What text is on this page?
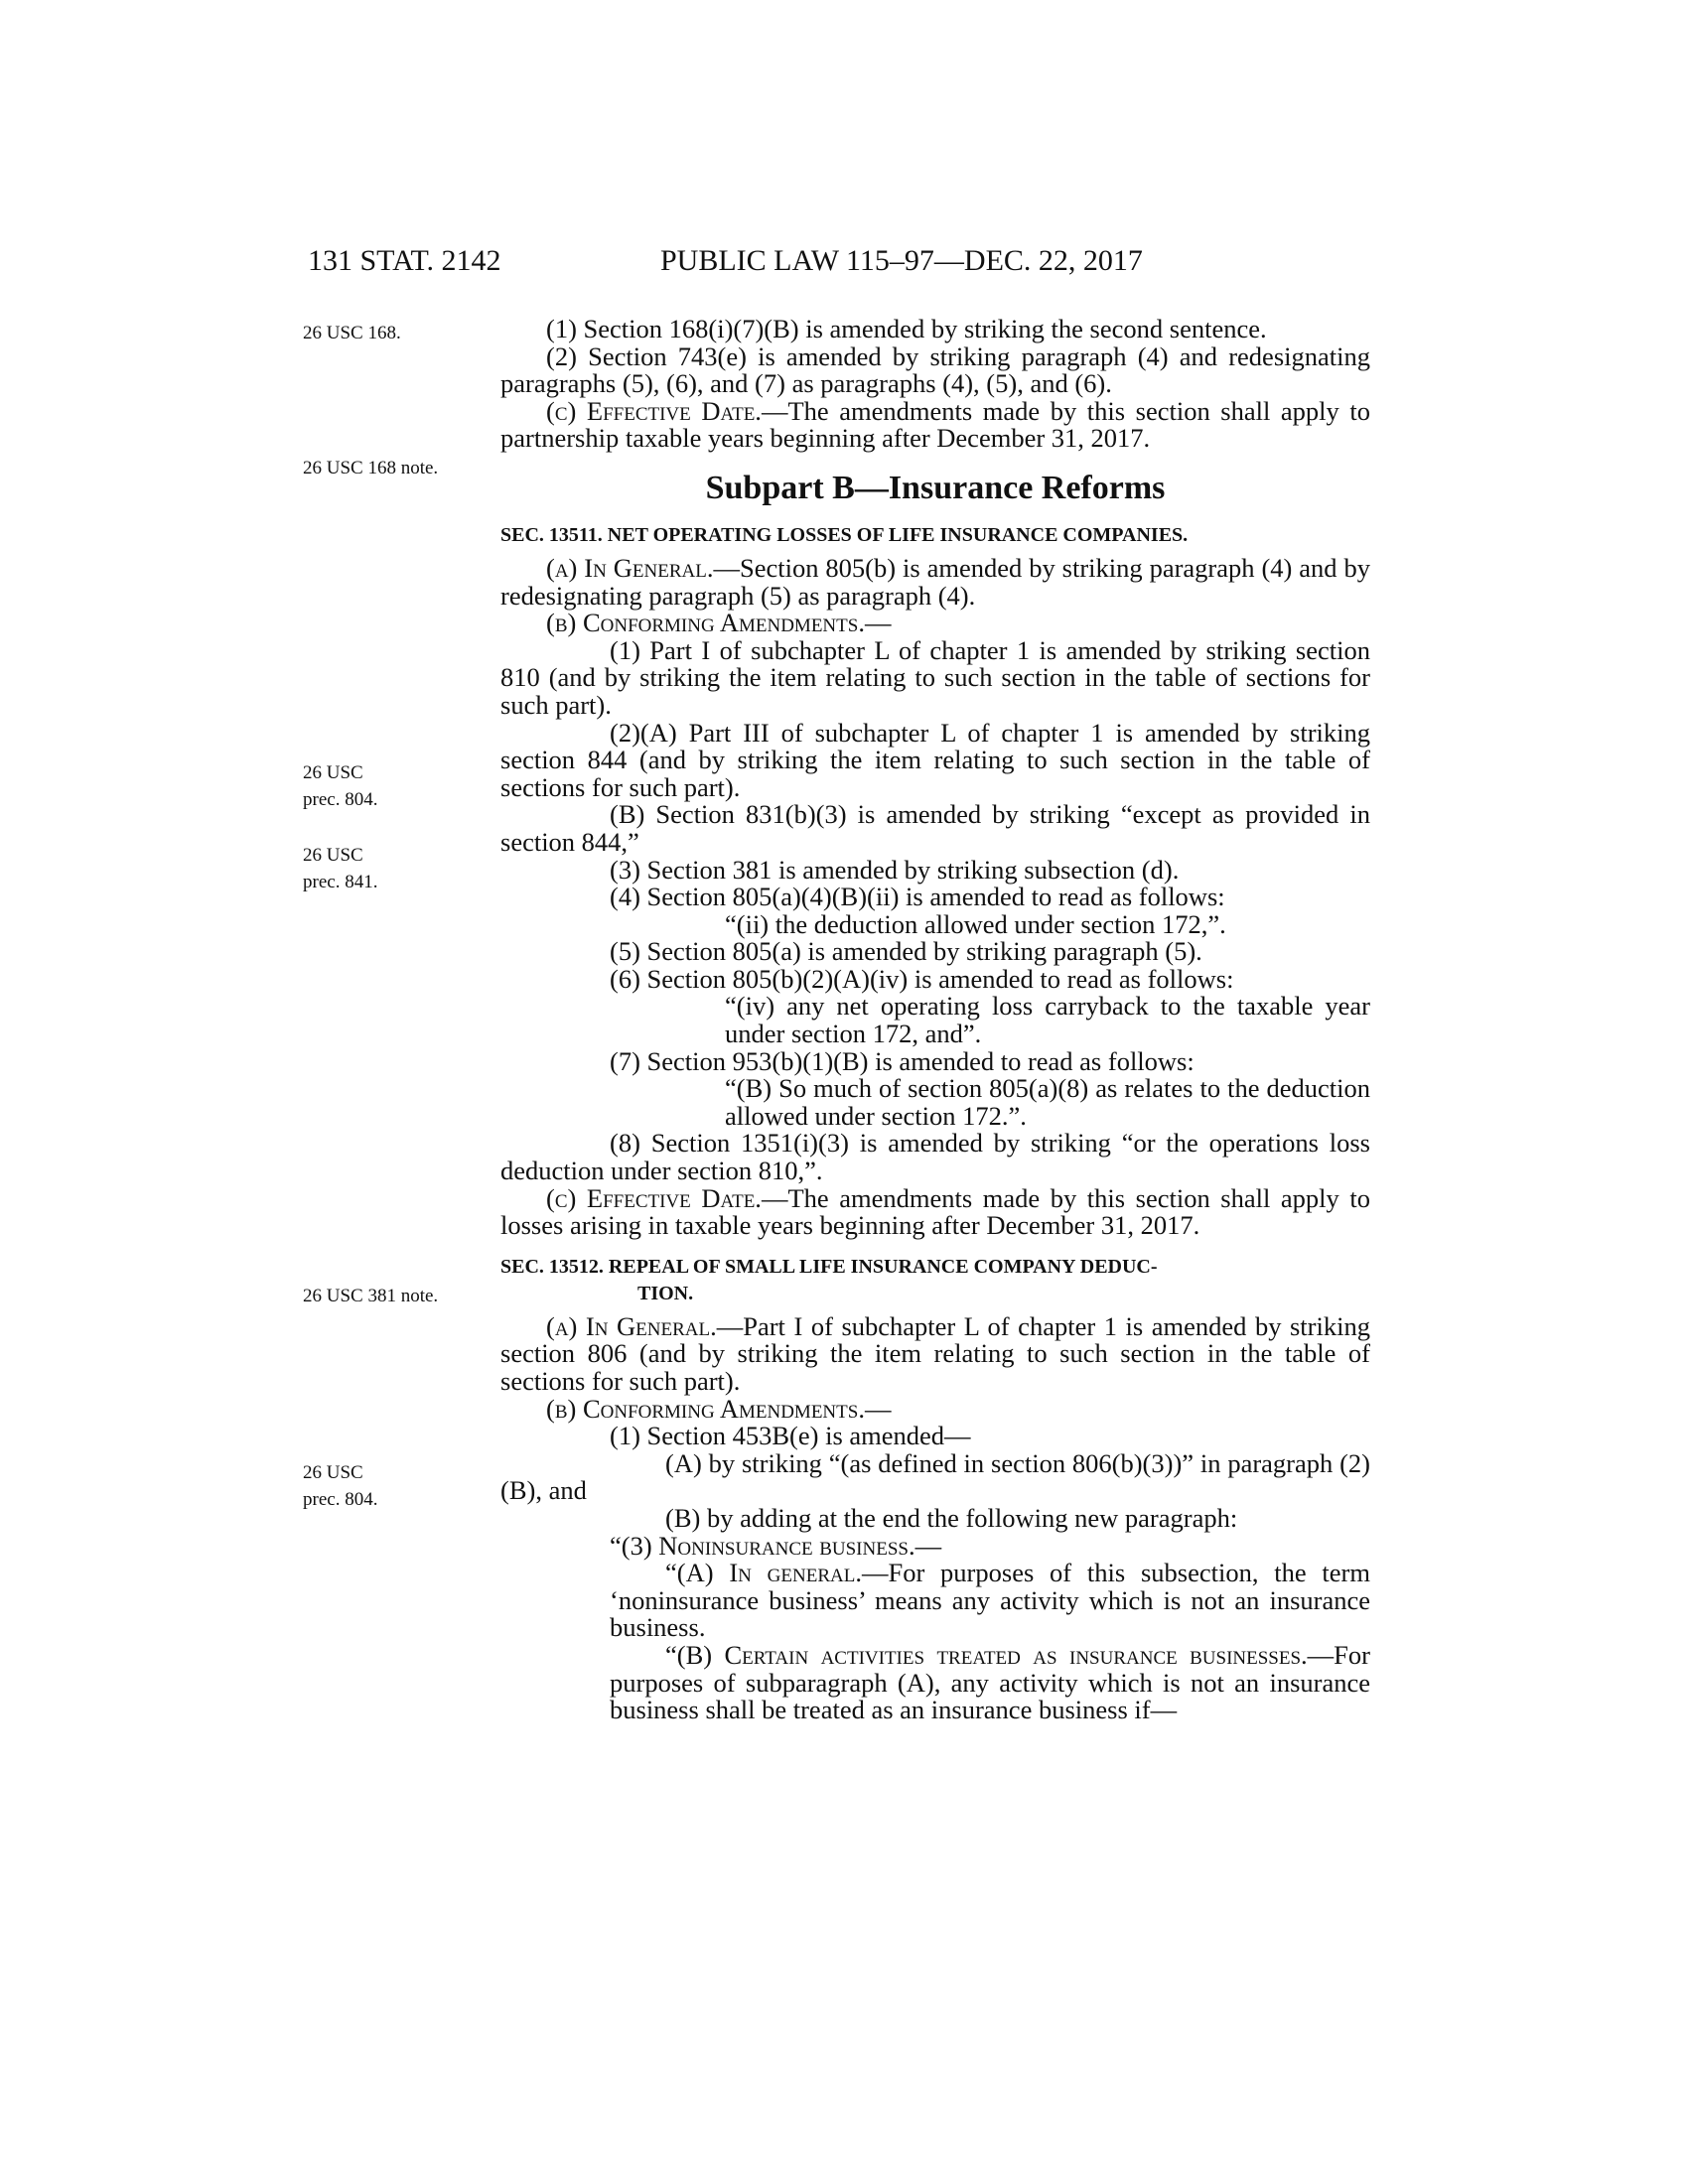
131 STAT. 2142	PUBLIC LAW 115–97—DEC. 22, 2017
26 USC 168.
26 USC 168 note.
26 USC
prec. 804.
26 USC
prec. 841.
26 USC 381 note.
26 USC
prec. 804.

(1) Section 168(i)(7)(B) is amended by striking the second sentence.

(2) Section 743(e) is amended by striking paragraph (4) and redesignating paragraphs (5), (6), and (7) as paragraphs (4), (5), and (6).

(c) Effective Date.—The amendments made by this section shall apply to partnership taxable years beginning after December 31, 2017.

Subpart B—Insurance Reforms
SEC. 13511. NET OPERATING LOSSES OF LIFE INSURANCE COMPANIES.

(a) In General.—Section 805(b) is amended by striking paragraph (4) and by redesignating paragraph (5) as paragraph (4).

(b) Conforming Amendments.—

(1) Part I of subchapter L of chapter 1 is amended by striking section 810 (and by striking the item relating to such section in the table of sections for such part).

(2)(A) Part III of subchapter L of chapter 1 is amended by striking section 844 (and by striking the item relating to such section in the table of sections for such part).

(B) Section 831(b)(3) is amended by striking “except as provided in section 844,”

(3) Section 381 is amended by striking subsection (d).

(4) Section 805(a)(4)(B)(ii) is amended to read as follows:

“(ii) the deduction allowed under section 172,”.

(5) Section 805(a) is amended by striking paragraph (5).

(6) Section 805(b)(2)(A)(iv) is amended to read as follows:

“(iv) any net operating loss carryback to the taxable year under section 172, and”.

(7) Section 953(b)(1)(B) is amended to read as follows:

“(B) So much of section 805(a)(8) as relates to the deduction allowed under section 172.”.

(8) Section 1351(i)(3) is amended by striking “or the operations loss deduction under section 810,”.

(c) Effective Date.—The amendments made by this section shall apply to losses arising in taxable years beginning after December 31, 2017.

SEC. 13512. REPEAL OF SMALL LIFE INSURANCE COMPANY DEDUC-
TION.

(a) In General.—Part I of subchapter L of chapter 1 is amended by striking section 806 (and by striking the item relating to such section in the table of sections for such part).

(b) Conforming Amendments.—

(1) Section 453B(e) is amended—

(A) by striking “(as defined in section 806(b)(3))” in paragraph (2)(B), and

(B) by adding at the end the following new paragraph:

“(3) Noninsurance business.—

“(A) In general.—For purposes of this subsection, the term ‘noninsurance business’ means any activity which is not an insurance business.

“(B) Certain activities treated as insurance businesses.—For purposes of subparagraph (A), any activity which is not an insurance business shall be treated as an insurance business if—
